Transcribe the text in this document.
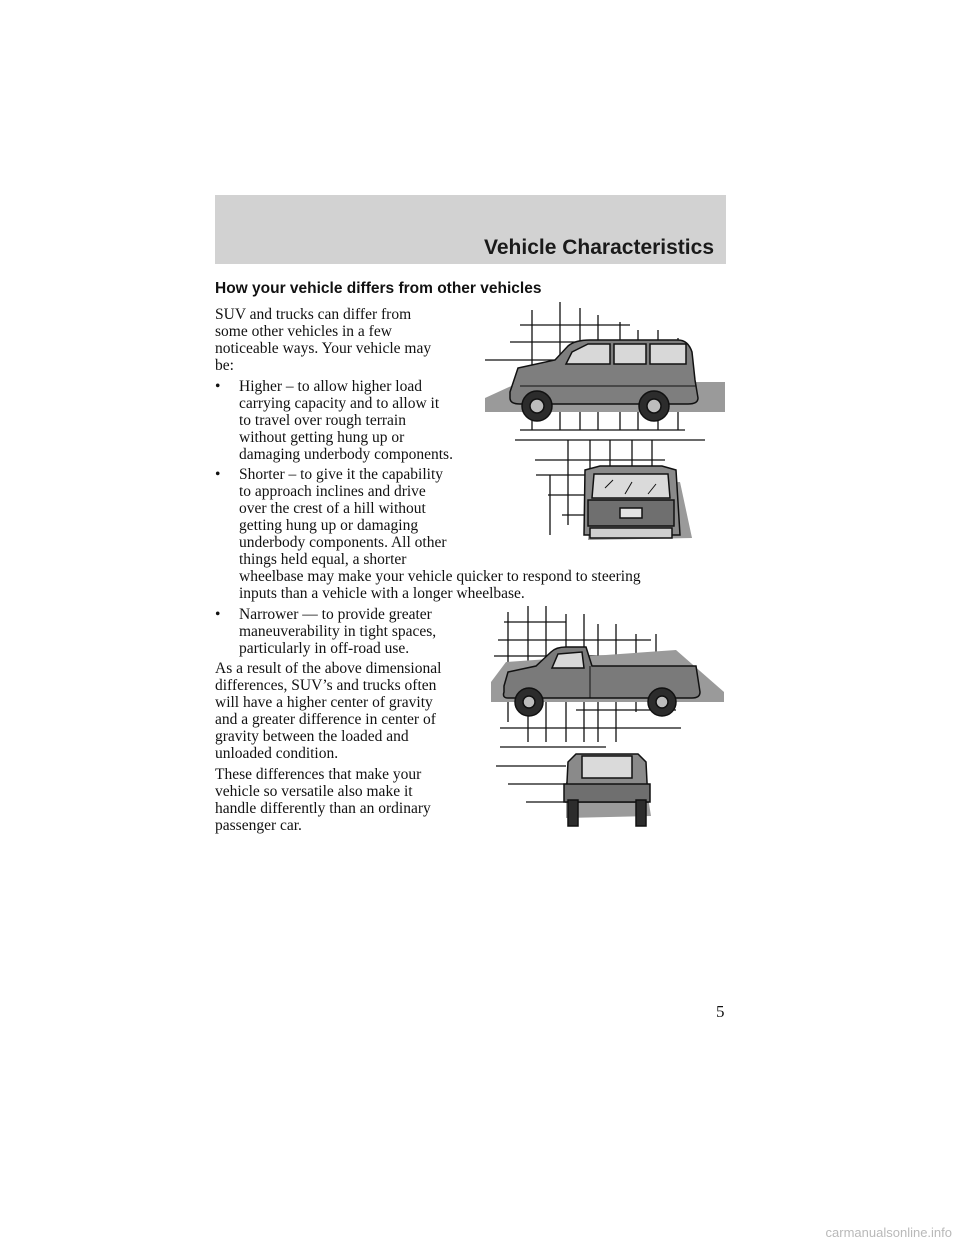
Vehicle Characteristics
How your vehicle differs from other vehicles

SUV and trucks can differ from
some other vehicles in a few
noticeable ways. Your vehicle may
be:

•	Higher – to allow higher load
carrying capacity and to allow it
to travel over rough terrain
without getting hung up or
damaging underbody components.
•	Shorter – to give it the capability
to approach inclines and drive
over the crest of a hill without
getting hung up or damaging
underbody components. All other
things held equal, a shorter
wheelbase may make your vehicle quicker to respond to steering
inputs than a vehicle with a longer wheelbase.
•	Narrower — to provide greater
maneuverability in tight spaces,
particularly in off-road use.

As a result of the above dimensional
differences, SUV’s and trucks often
will have a higher center of gravity
and a greater difference in center of
gravity between the loaded and
unloaded condition.

These differences that make your
vehicle so versatile also make it
handle differently than an ordinary
passenger car.

5
carmanualsonline.info
